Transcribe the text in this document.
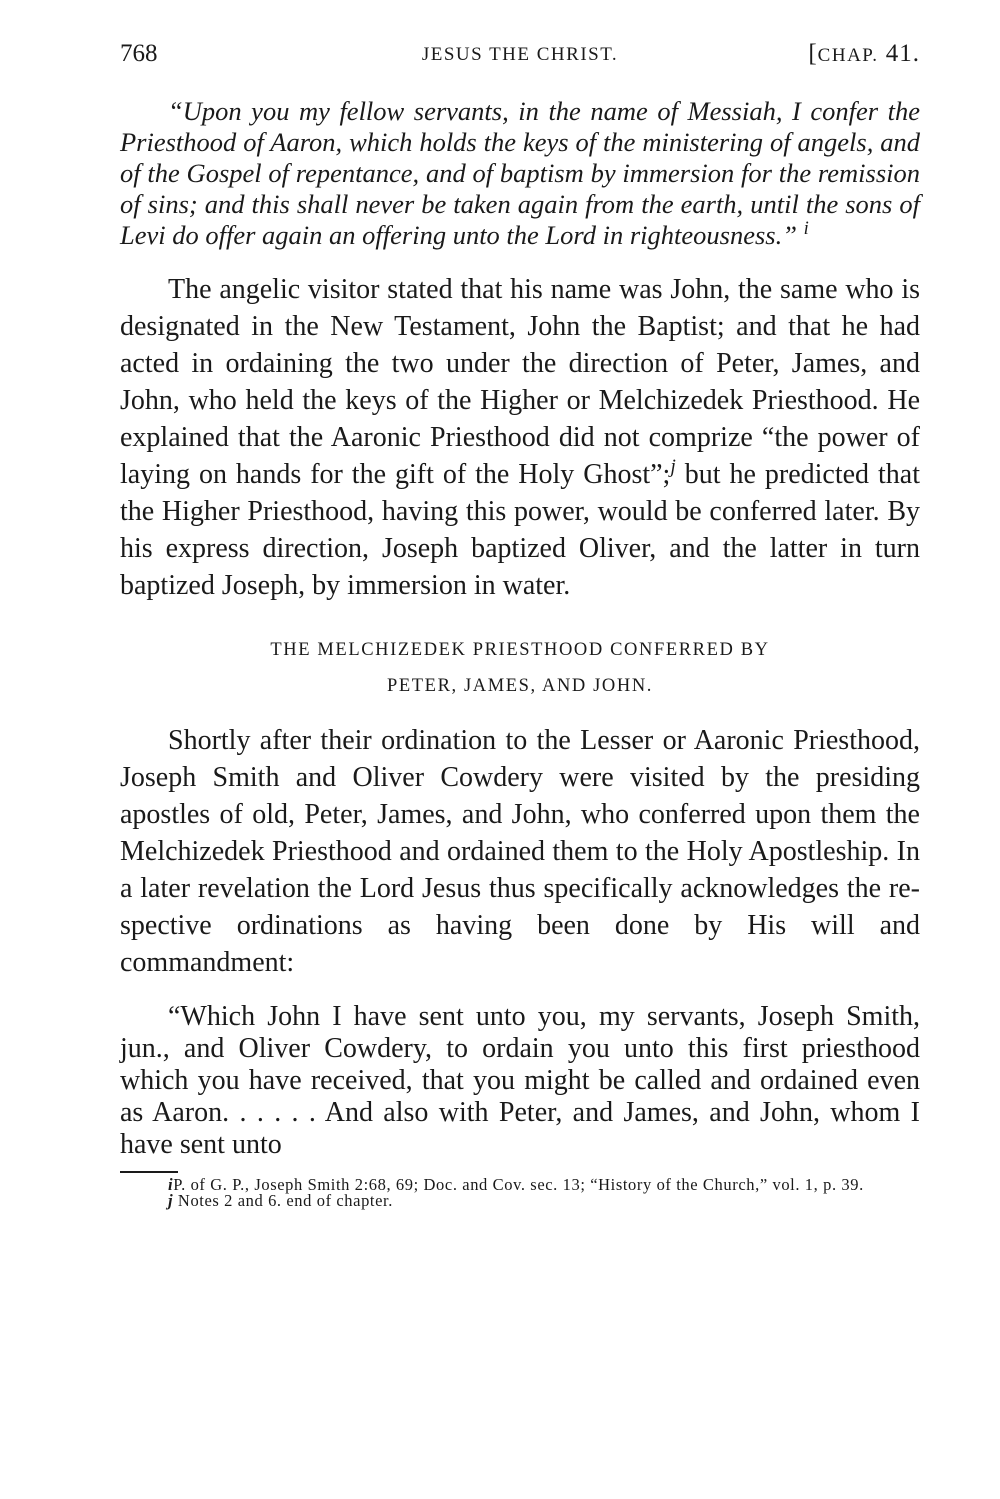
768	JESUS THE CHRIST.	[CHAP. 41.

“Upon you my fellow servants, in the name of Messiah, I confer the Priesthood of Aaron, which holds the keys of the ministering of angels, and of the Gospel of repentance, and of baptism by immersion for the remission of sins; and this shall never be taken again from the earth, until the sons of Levi do offer again an offering unto the Lord in righteousness.” $^i$

The angelic visitor stated that his name was John, the same who is designated in the New Testament, John the Baptist; and that he had acted in ordaining the two under the direction of Peter, James, and John, who held the keys of the Higher or Melchizedek Priesthood. He explained that the Aaronic Priesthood did not comprize “the power of laying on hands for the gift of the Holy Ghost”;$^j$ but he predicted that the Higher Priesthood, having this power, would be conferred later. By his express direction, Joseph baptized Oliver, and the latter in turn baptized Joseph, by immersion in water.

THE MELCHIZEDEK PRIESTHOOD CONFERRED BY
PETER, JAMES, AND JOHN.

Shortly after their ordination to the Lesser or Aaronic Priesthood, Joseph Smith and Oliver Cowdery were visited by the presiding apostles of old, Peter, James, and John, who conferred upon them the Melchizedek Priesthood and ordained them to the Holy Apostleship. In a later revelation the Lord Jesus thus specifically acknowledges the respective ordinations as having been done by His will and commandment:

“Which John I have sent unto you, my servants, Joseph Smith, jun., and Oliver Cowdery, to ordain you unto this first priesthood which you have received, that you might be called and ordained even as Aaron. . . . . . And also with Peter, and James, and John, whom I have sent unto

iP. of G. P., Joseph Smith 2:68, 69; Doc. and Cov. sec. 13; “History of the Church,” vol. 1, p. 39.

j Notes 2 and 6. end of chapter.
